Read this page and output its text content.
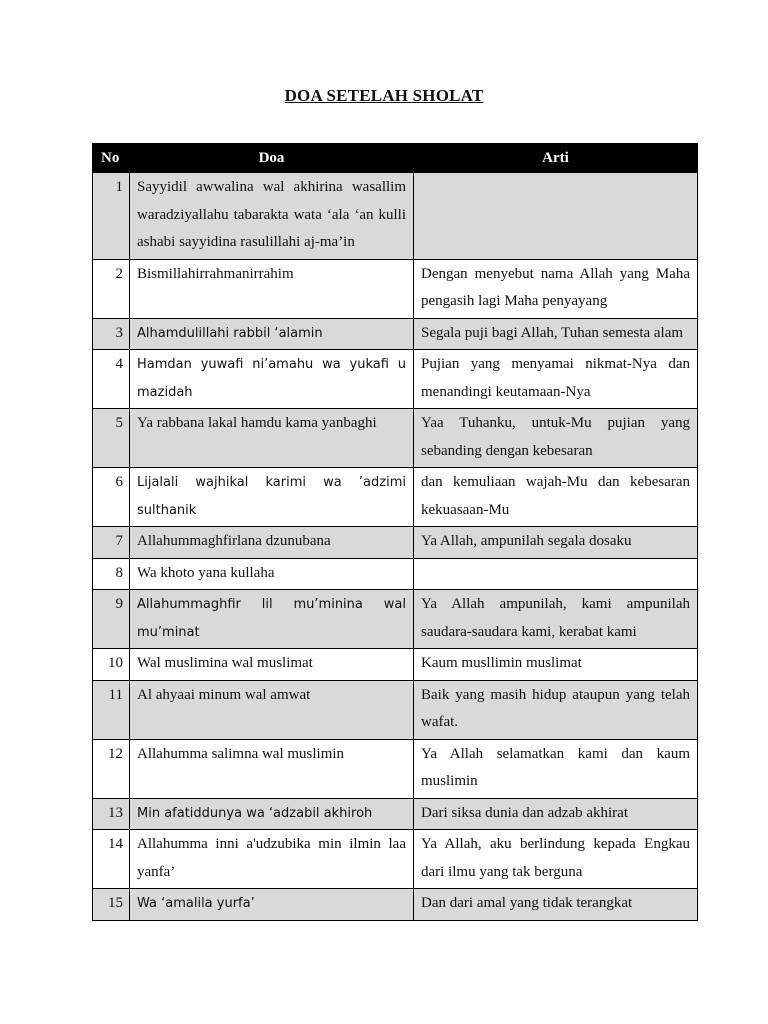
DOA SETELAH SHOLAT
No	Doa	Arti
1	Sayyidil awwalina wal akhirina wasallim waradziyallahu tabarakta wata ‘ala ‘an kulli ashabi sayyidina rasulillahi aj-ma’in	
2	Bismillahirrahmanirrahim	Dengan menyebut nama Allah yang Maha pengasih lagi Maha penyayang
3	Alhamdulillahi rabbil ‘alamin	Segala puji bagi Allah, Tuhan semesta alam
4	Hamdan yuwafi ni’amahu wa yukafi u mazidah	Pujian yang menyamai nikmat-Nya dan menandingi keutamaan-Nya
5	Ya rabbana lakal hamdu kama yanbaghi	Yaa Tuhanku, untuk-Mu pujian yang sebanding dengan kebesaran
6	Lijalali wajhikal karimi wa ’adzimi sulthanik	dan kemuliaan wajah-Mu dan kebesaran kekuasaan-Mu
7	Allahummaghfirlana dzunubana	Ya Allah, ampunilah segala dosaku
8	Wa khoto yana kullaha	
9	Allahummaghfir lil mu’minina wal mu’minat	Ya Allah ampunilah, kami ampunilah saudara-saudara kami, kerabat kami
10	Wal muslimina wal muslimat	Kaum musllimin muslimat
11	Al ahyaai minum wal amwat	Baik yang masih hidup ataupun yang telah wafat.
12	Allahumma salimna wal muslimin	Ya Allah selamatkan kami dan kaum muslimin
13	Min afatiddunya wa ‘adzabil akhiroh	Dari siksa dunia dan adzab akhirat
14	Allahumma inni a'udzubika min ilmin laa yanfa’	Ya Allah, aku berlindung kepada Engkau dari ilmu yang tak berguna
15	Wa ‘amalila yurfa’	Dan dari amal yang tidak terangkat
